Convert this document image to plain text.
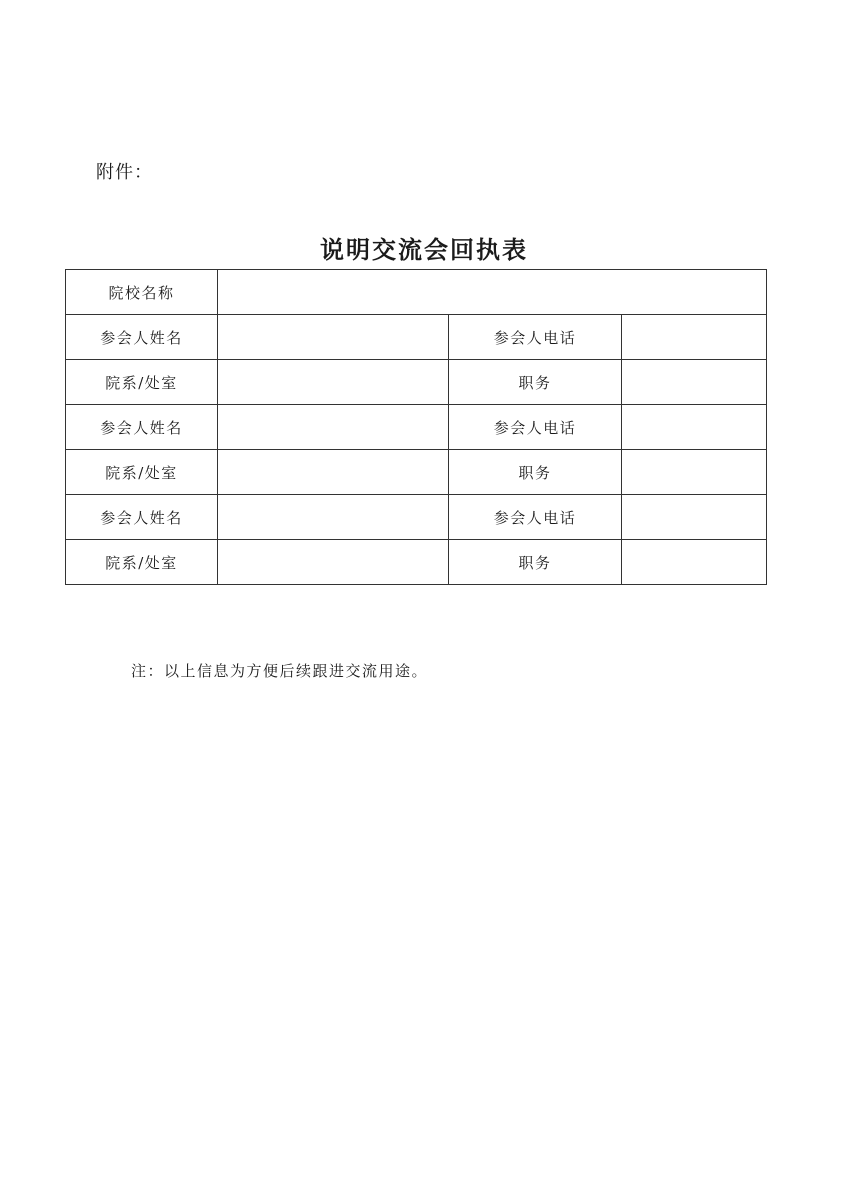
附件：
说明交流会回执表
院校名称			
参会人姓名		参会人电话	
院系/处室		职务	
参会人姓名		参会人电话	
院系/处室		职务	
参会人姓名		参会人电话	
院系/处室		职务	
注：以上信息为方便后续跟进交流用途。
